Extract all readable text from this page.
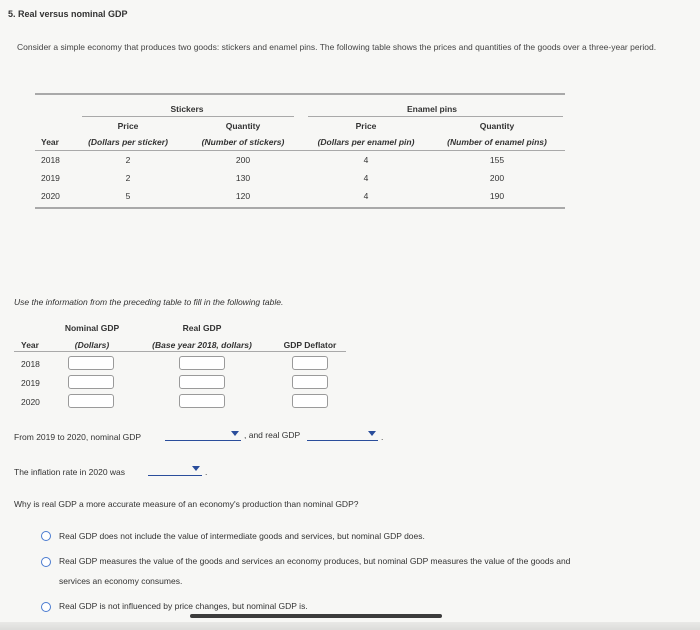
5. Real versus nominal GDP
Consider a simple economy that produces two goods: stickers and enamel pins. The following table shows the prices and quantities of the goods over a three-year period.
Stickers	Enamel pins
Price	Quantity	Price	Quantity
Year	(Dollars per sticker)	(Number of stickers)	(Dollars per enamel pin)	(Number of enamel pins)
2018	2	200	4	155
2019	2	130	4	200
2020	5	120	4	190
Use the information from the preceding table to fill in the following table.
Nominal GDP	Real GDP
Year	(Dollars)	(Base year 2018, dollars)	GDP Deflator
2018
2019
2020
From 2019 to 2020, nominal GDP	, and real GDP	.
The inflation rate in 2020 was	.
Why is real GDP a more accurate measure of an economy's production than nominal GDP?
Real GDP does not include the value of intermediate goods and services, but nominal GDP does.
Real GDP measures the value of the goods and services an economy produces, but nominal GDP measures the value of the goods and
services an economy consumes.
Real GDP is not influenced by price changes, but nominal GDP is.
